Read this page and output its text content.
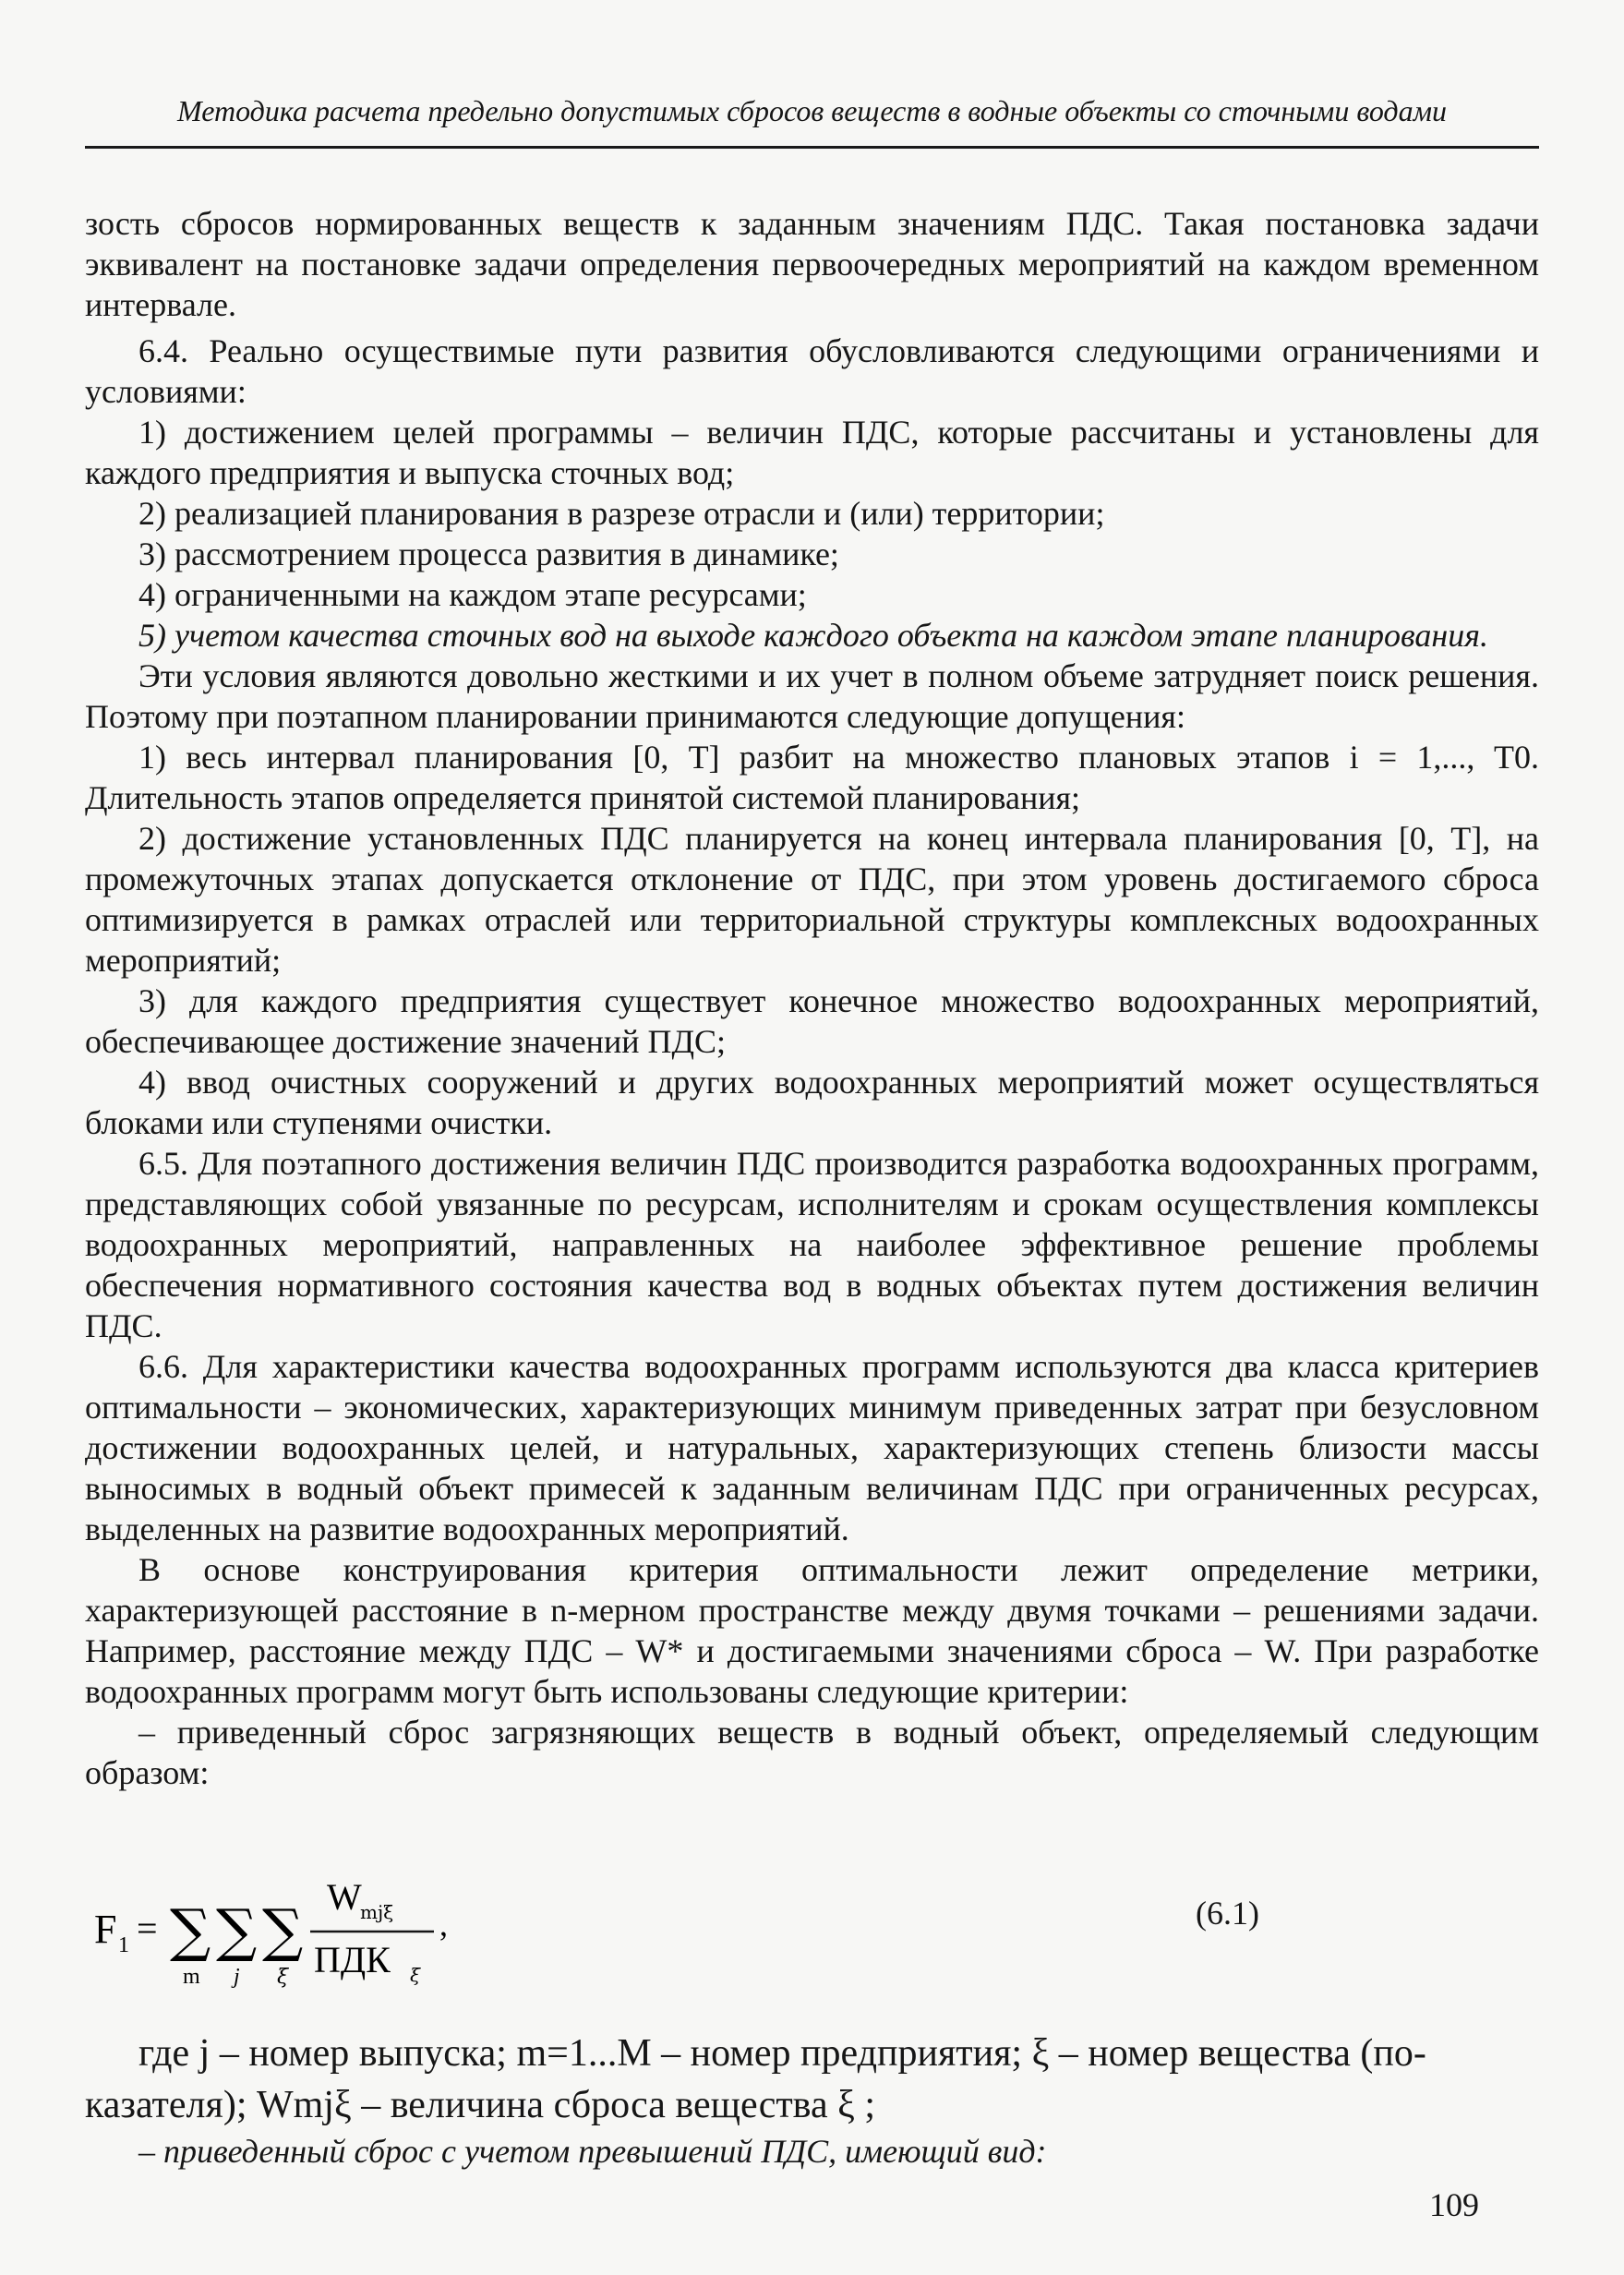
Методика расчета предельно допустимых сбросов веществ в водные объекты со сточными водами

зость сбросов нормированных веществ к заданным значениям ПДС. Такая постановка задачи эквивалент на постановке задачи определения первоочередных мероприятий на каждом временном интервале.

6.4. Реально осуществимые пути развития обусловливаются следующими ограничениями и условиями:

1) достижением целей программы – величин ПДС, которые рассчитаны и установлены для каждого предприятия и выпуска сточных вод;

2) реализацией планирования в разрезе отрасли и (или) территории;

3) рассмотрением процесса развития в динамике;

4) ограниченными на каждом этапе ресурсами;

5) учетом качества сточных вод на выходе каждого объекта на каждом этапе планирования.

Эти условия являются довольно жесткими и их учет в полном объеме затрудняет поиск решения. Поэтому при поэтапном планировании принимаются следующие допущения:

1) весь интервал планирования [0, T] разбит на множество плановых этапов i = 1,..., T0. Длительность этапов определяется принятой системой планирования;

2) достижение установленных ПДС планируется на конец интервала планирования [0, T], на промежуточных этапах допускается отклонение от ПДС, при этом уровень достигаемого сброса оптимизируется в рамках отраслей или территориальной структуры комплексных водоохранных мероприятий;

3) для каждого предприятия существует конечное множество водоохранных мероприятий, обеспечивающее достижение значений ПДС;

4) ввод очистных сооружений и других водоохранных мероприятий может осуществляться блоками или ступенями очистки.

6.5. Для поэтапного достижения величин ПДС производится разработка водоохранных программ, представляющих собой увязанные по ресурсам, исполнителям и срокам осуществления комплексы водоохранных мероприятий, направленных на наиболее эффективное решение проблемы обеспечения нормативного состояния качества вод в водных объектах путем достижения величин ПДС.

6.6. Для характеристики качества водоохранных программ используются два класса критериев оптимальности – экономических, характеризующих минимум приведенных затрат при безусловном достижении водоохранных целей, и натуральных, характеризующих степень близости массы выносимых в водный объект примесей к заданным величинам ПДС при ограниченных ресурсах, выделенных на развитие водоохранных мероприятий.

В основе конструирования критерия оптимальности лежит определение метрики, характеризующей расстояние в n-мерном пространстве между двумя точками – решениями задачи. Например, расстояние между ПДС – W* и достигаемыми значениями сброса – W. При разработке водоохранных программ могут быть использованы следующие критерии:

– приведенный сброс загрязняющих веществ в водный объект, определяемый следующим образом:

F 1 = ∑ ∑ ∑
m j ξ
W
mjξ
ПДК ξ
,	(6.1)

где j – номер выпуска; m=1...M – номер предприятия; ξ – номер вещества (по-

казателя); Wmjξ – величина сброса вещества ξ ;

– приведенный сброс с учетом превышений ПДС, имеющий вид:

109
